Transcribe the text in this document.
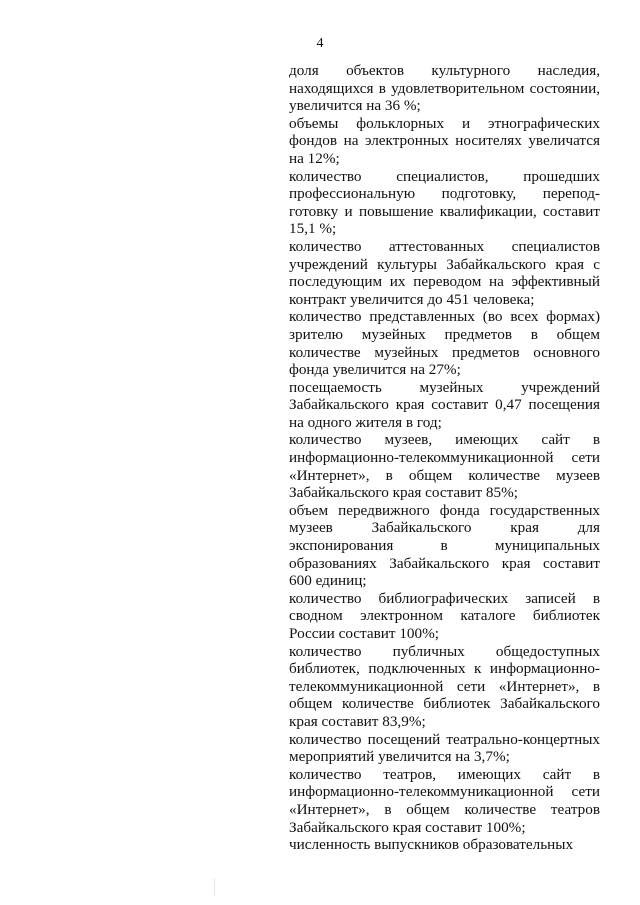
4

доля объектов культурного наследия, находящихся в удовлетворительном состоянии, увеличится на 36 %;

объемы фольклорных и этнографических фондов на электронных носителях увеличатся на 12%;

количество специалистов, прошедших профессиональную подготовку, перепод-готовку и повышение квалификации, составит 15,1 %;

количество аттестованных специалистов учреждений культуры Забайкальского края с последующим их переводом на эффективный контракт увеличится до 451 человека;

количество представленных (во всех формах) зрителю музейных предметов в общем количестве музейных предметов основного фонда увеличится на 27%;

посещаемость музейных учреждений Забайкальского края составит 0,47 посещения на одного жителя в год;

количество музеев, имеющих сайт в информационно-телекоммуникационной сети «Интернет», в общем количестве музеев Забайкальского края составит 85%;

объем передвижного фонда государственных музеев Забайкальского края для экспонирования в муниципальных образованиях Забайкальского края составит 600 единиц;

количество библиографических записей в сводном электронном каталоге библиотек России составит 100%;

количество публичных общедоступных библиотек, подключенных к информационно-телекоммуникационной сети «Интернет», в общем количестве библиотек Забайкальского края составит 83,9%;

количество посещений театрально-концертных мероприятий увеличится на 3,7%;

количество театров, имеющих сайт в информационно-телекоммуникационной сети «Интернет», в общем количестве театров Забайкальского края составит 100%;

численность выпускников образовательных
